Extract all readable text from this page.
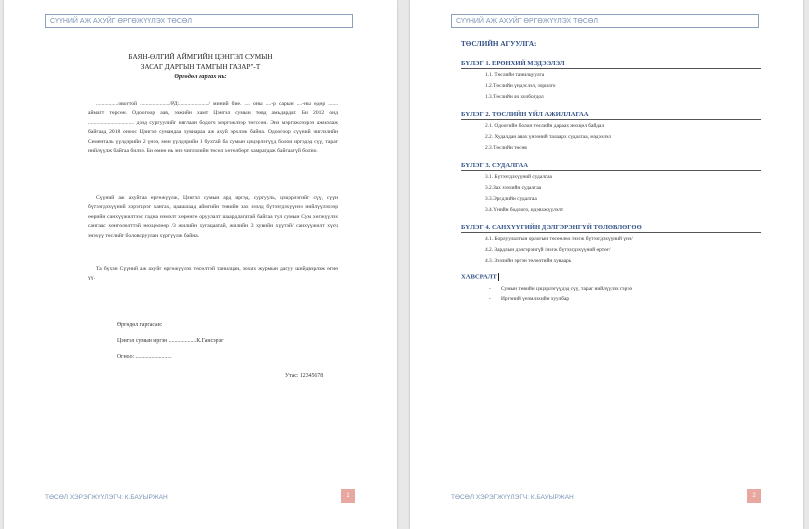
СҮҮНИЙ АЖ АХУЙГ ӨРГӨЖҮҮЛЭХ ТӨСӨЛ
БАЯН-ӨЛГИЙ АЙМГИЙН ЦЭНГЭЛ СУМЫН
ЗАСАГ ДАРГЫН ТАМГЫН ГАЗАР"-Т
Өргөдөл гаргах нь:
................овогтой ...................../РД:...................../ миний бие. .... оны ....-р сарын ....-ны өдөр ....... аймагт төрсөн. Одоогоор аав, ээжийн хамт Цэнгэл сумын төвд амьдардаг. Би 2012 онд ................................. дээд сургуулийг няглаан бодогч мэргэжлээр төгссөн. Энэ мэргэжлээрээ ажиллаж байгаад 2018 оноос Цэнгэл сумандаа хувиараа аж ахуй эрхлэж байна. Одоогоор сүүний чиглэлийн Сементаль үүлдэрийн 2 үнээ, мөн үүлдэрийн 1 бухтай ба сумын цэцэрлэгүүд болон иргэдэд сүү, тараг нийлүүлж байгаа билээ. Би өмнө нь энэ чиглэлийн төсөл хөтөлбөрт хамрагдаж байгаагүй болно.
Сүүний аж ахуйгаа өргөжүүлж, Цэнгэл сумын ард иргэд, сургууль, цэцэрлэгийг сүү, сүүн бүтээгдэхүүний хэрэгцээг хангах, цаашлаад аймгийн төвийн зах зээлд бүтээгдэхүүнээ нийлүүлэхээр өөрийн санхүүжилтээс гадна нэмэлт хөрөнгө оруулалт шаардлагатай байгаа тул сумын Сум хөгжүүлэх сангаас хөнгөлөлттэй нөхцөлөөр /3 жилийн хугацаатай, жилийн 3 хувийн хүүтэй/ санхүүжилт хүсч энэхүү төслийг боловсруулан хүргүүлж байна.
Та бүхэн Сүүний аж ахуйг өргөжүүлэх төсөлтэй танилцан, зохих журмын дагуу шийдвэрлэж өгнө үү.
Өргөдөл гаргасан:
Цэнгэл сумын иргэн ...................К.Гансэрэг
Огноо: .........................
Утас: 12345678
ТӨСӨЛ ХЭРЭГЖҮҮЛЭГЧ: К.БАУЫРЖАН	1
СҮҮНИЙ АЖ АХУЙГ ӨРГӨЖҮҮЛЭХ ТӨСӨЛ
ТӨСЛИЙН АГУУЛГА:
БҮЛЭГ 1. ЕРӨНХИЙ МЭДЭЭЛЭЛ
1.1. Төслийн танилцуулга
1.2.Төслийн үндэслэл, зорилго
1.3.Төслийн ач холбогдол
БҮЛЭГ 2. ТӨСЛИЙН ҮЙЛ АЖИЛЛАГАА
2.1. Одоогийн болон төслийн дараах нөхцөл байдал
2.2. Худалдан авах үнээний талаарх судалгаа, мэдээлэл
2.3.Төслийн төсөв
БҮЛЭГ 3. СУДАЛГАА
3.1. Бүтээгдэхүүний судалгаа
3.2.Зах зээлийн судалгаа
3.3.Эрсдлийн судалгаа
3.4.Үнийн бодлого, идэвхжүүлэлт
БҮЛЭГ 4. САНХҮҮГИЙН ДЭЛГЭРЭНГҮЙ ТӨЛӨВЛӨГӨӨ
4.1. Борлуулалтын орлогын төсөөлөл /нэгж бүтээгдэхүүний үнэ/
4.2. Зардлын дэлгэрэнгүй /нэгж бүтээгдэхүүний өртөг/
4.3. Зээлийн эргэн төлөлтийн хуваарь
ХАВСРАЛТ
- Сумын төвийн цэцэрлэгүүдэд сүү, тараг нийлүүлэх гэрээ
- Иргэний үнэмлэхийн хуулбар
ТӨСӨЛ ХЭРЭГЖҮҮЛЭГЧ: К.БАУЫРЖАН	2
